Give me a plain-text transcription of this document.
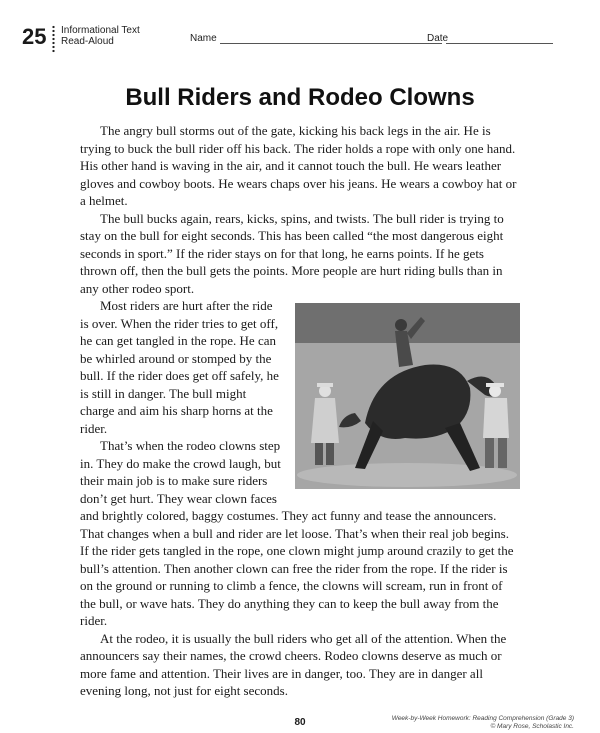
25 Informational Text
Read-Aloud	Name	Date
Bull Riders and Rodeo Clowns

The angry bull storms out of the gate, kicking his back legs in the air. He is trying to buck the bull rider off his back. The rider holds a rope with only one hand. His other hand is waving in the air, and it cannot touch the bull. He wears leather gloves and cowboy boots. He wears chaps over his jeans. He wears a cowboy hat or a helmet.

The bull bucks again, rears, kicks, spins, and twists. The bull rider is trying to stay on the bull for eight seconds. This has been called “the most dangerous eight seconds in sport.” If the rider stays on for that long, he earns points. If he gets thrown off, then the bull gets the points. More people are hurt riding bulls than in any other rodeo sport.

Most riders are hurt after the ride is over. When the rider tries to get off, he can get tangled in the rope. He can be whirled around or stomped by the bull. If the rider does get off safely, he is still in danger. The bull might charge and aim his sharp horns at the rider.

That’s when the rodeo clowns step in. They do make the crowd laugh, but their main job is to make sure riders don’t get hurt. They wear clown faces and brightly colored, baggy costumes. They act funny and tease the announcers. That changes when a bull and rider are let loose. That’s when their real job begins. If the rider gets tangled in the rope, one clown might jump around crazily to get the bull’s attention. Then another clown can free the rider from the rope. If the rider is on the ground or running to climb a fence, the clowns will scream, run in front of the bull, or wave hats. They do anything they can to keep the bull away from the rider.

At the rodeo, it is usually the bull riders who get all of the attention. When the announcers say their names, the crowd cheers. Rodeo clowns deserve as much or more fame and attention. Their lives are in danger, too. They are in danger all evening long, not just for eight seconds.

80	Week-by-Week Homework: Reading Comprehension (Grade 3)
© Mary Rose, Scholastic Inc.
